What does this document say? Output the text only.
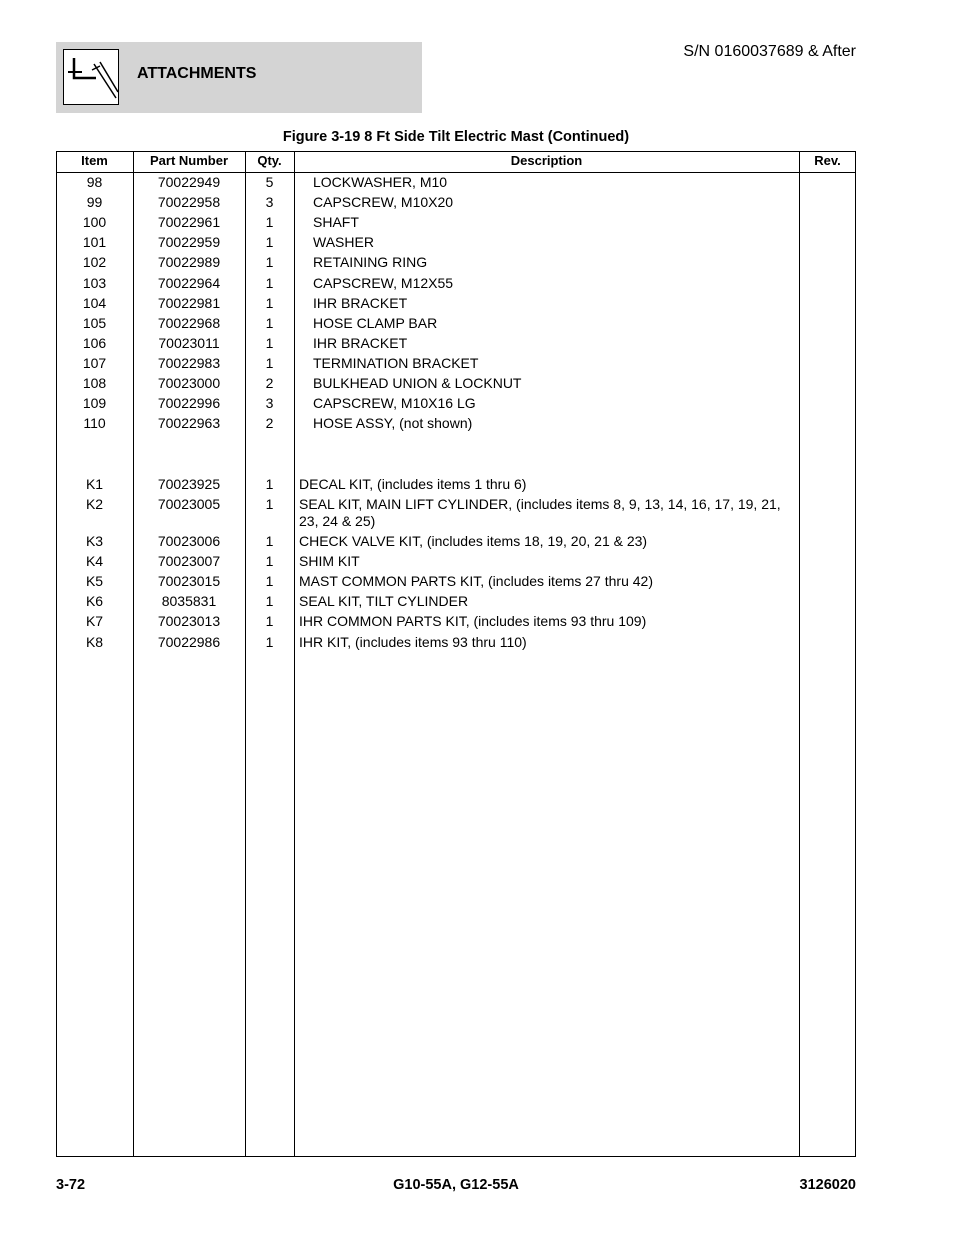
ATTACHMENTS
S/N 0160037689 & After
Figure 3-19 8 Ft Side Tilt Electric Mast (Continued)
Item	Part Number	Qty.	Description	Rev.
98	70022949	5	LOCKWASHER, M10
99	70022958	3	CAPSCREW, M10X20
100	70022961	1	SHAFT
101	70022959	1	WASHER
102	70022989	1	RETAINING RING
103	70022964	1	CAPSCREW, M12X55
104	70022981	1	IHR BRACKET
105	70022968	1	HOSE CLAMP BAR
106	70023011	1	IHR BRACKET
107	70022983	1	TERMINATION BRACKET
108	70023000	2	BULKHEAD UNION & LOCKNUT
109	70022996	3	CAPSCREW, M10X16 LG
110	70022963	2	HOSE ASSY, (not shown)
K1	70023925	1	DECAL KIT, (includes items 1 thru 6)
K2	70023005	1	SEAL KIT, MAIN LIFT CYLINDER, (includes items 8, 9, 13, 14, 16, 17, 19, 21, 23, 24 & 25)
K3	70023006	1	CHECK VALVE KIT, (includes items 18, 19, 20, 21 & 23)
K4	70023007	1	SHIM KIT
K5	70023015	1	MAST COMMON PARTS KIT, (includes items 27 thru 42)
K6	8035831	1	SEAL KIT, TILT CYLINDER
K7	70023013	1	IHR COMMON PARTS KIT, (includes items 93 thru 109)
K8	70022986	1	IHR KIT, (includes items 93 thru 110)
3-72	G10-55A, G12-55A	3126020
